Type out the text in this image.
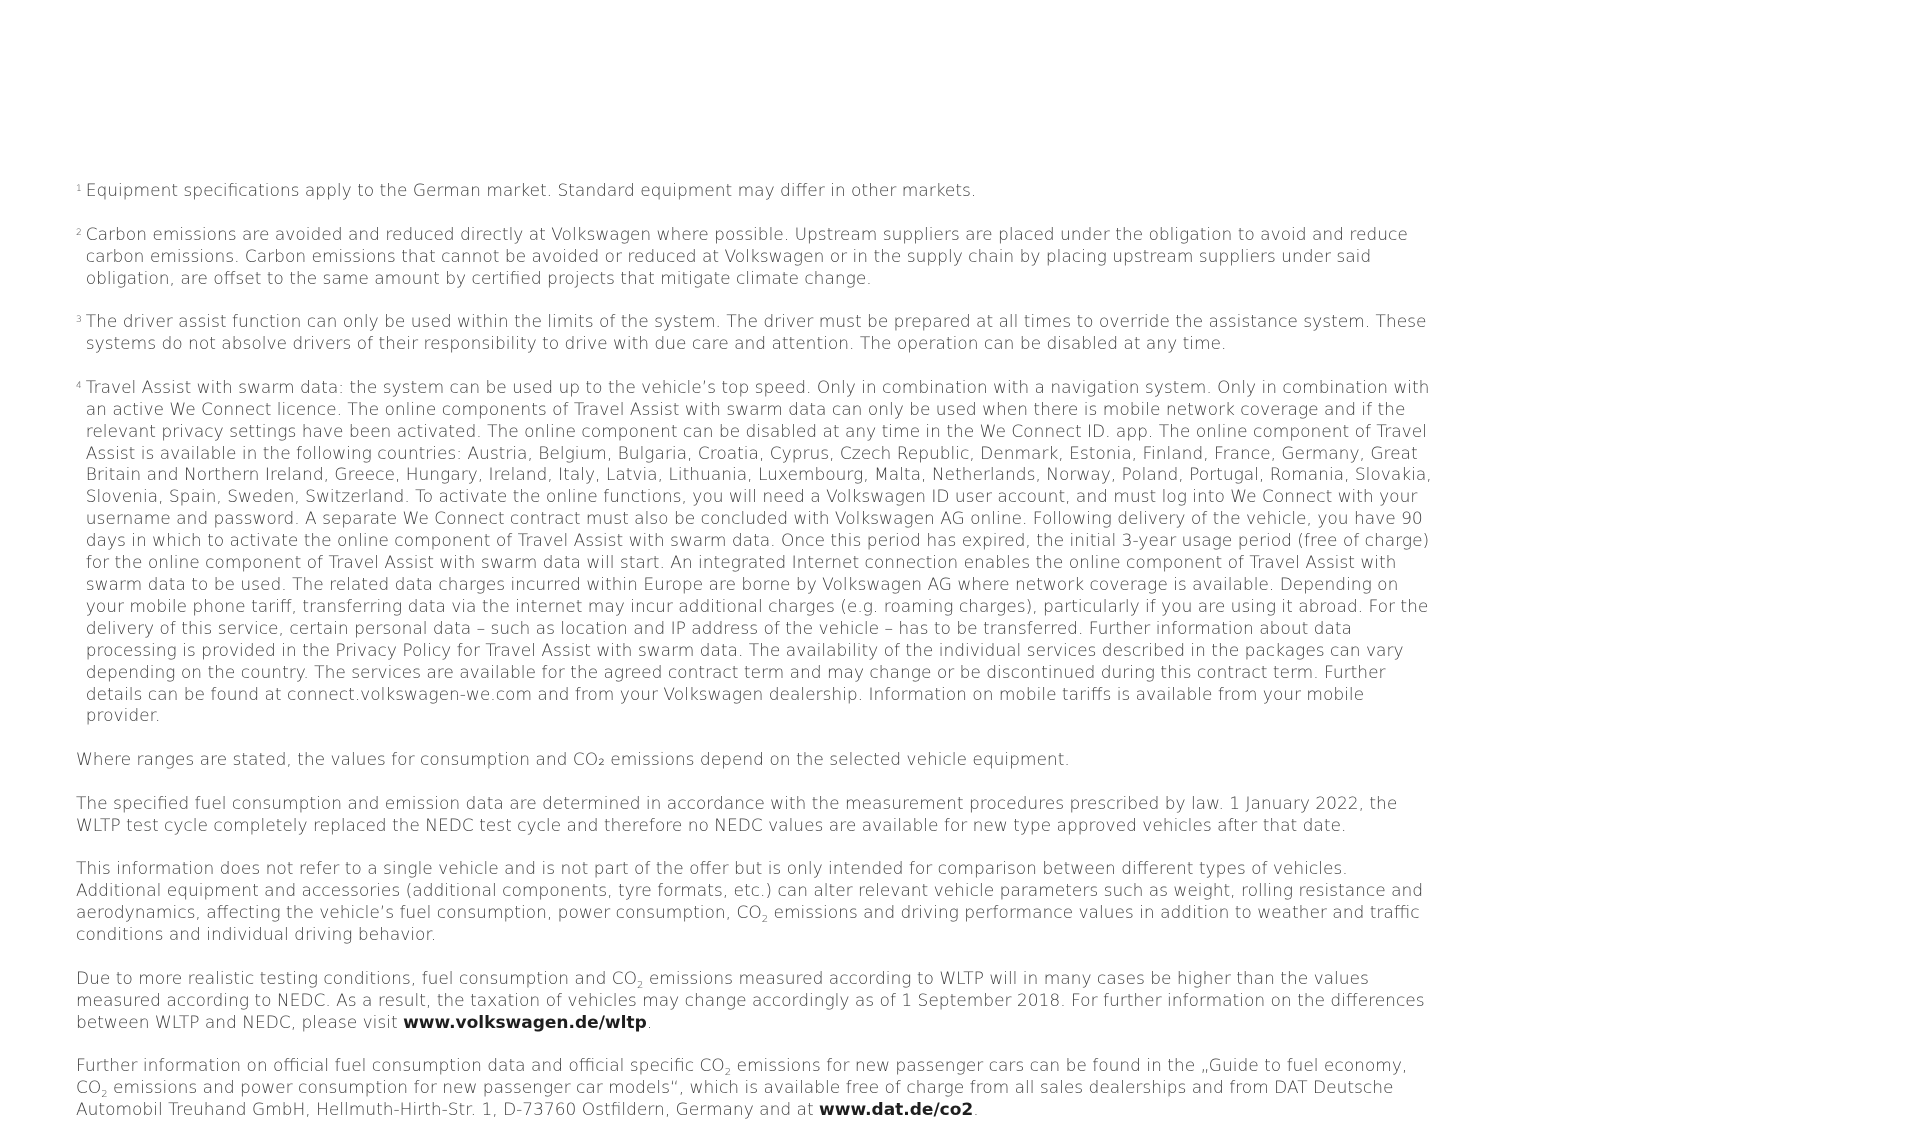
1 Equipment specifications apply to the German market. Standard equipment may differ in other markets.
2 Carbon emissions are avoided and reduced directly at Volkswagen where possible. Upstream suppliers are placed under the obligation to avoid and reduce carbon emissions. Carbon emissions that cannot be avoided or reduced at Volkswagen or in the supply chain by placing upstream suppliers under said obligation, are offset to the same amount by certified projects that mitigate climate change.
3 The driver assist function can only be used within the limits of the system. The driver must be prepared at all times to override the assistance system. These systems do not absolve drivers of their responsibility to drive with due care and attention. The operation can be disabled at any time.
4 Travel Assist with swarm data: the system can be used up to the vehicle’s top speed. Only in combination with a navigation system. Only in combination with an active We Connect licence. The online components of Travel Assist with swarm data can only be used when there is mobile network coverage and if the relevant privacy settings have been activated. The online component can be disabled at any time in the We Connect ID. app. The online component of Travel Assist is available in the following countries: Austria, Belgium, Bulgaria, Croatia, Cyprus, Czech Republic, Denmark, Estonia, Finland, France, Germany, Great Britain and Northern Ireland, Greece, Hungary, Ireland, Italy, Latvia, Lithuania, Luxembourg, Malta, Netherlands, Norway, Poland, Portugal, Romania, Slovakia, Slovenia, Spain, Sweden, Switzerland. To activate the online functions, you will need a Volkswagen ID user account, and must log into We Connect with your username and password. A separate We Connect contract must also be concluded with Volkswagen AG online. Following delivery of the vehicle, you have 90 days in which to activate the online component of Travel Assist with swarm data. Once this period has expired, the initial 3-year usage period (free of charge) for the online component of Travel Assist with swarm data will start. An integrated Internet connection enables the online component of Travel Assist with swarm data to be used. The related data charges incurred within Europe are borne by Volkswagen AG where network coverage is available. Depending on your mobile phone tariff, transferring data via the internet may incur additional charges (e.g. roaming charges), particularly if you are using it abroad. For the delivery of this service, certain personal data – such as location and IP address of the vehicle – has to be transferred. Further information about data processing is provided in the Privacy Policy for Travel Assist with swarm data. The availability of the individual services described in the packages can vary depending on the country. The services are available for the agreed contract term and may change or be discontinued during this contract term. Further details can be found at connect.volkswagen-we.com and from your Volkswagen dealership. Information on mobile tariffs is available from your mobile provider.

Where ranges are stated, the values for consumption and CO₂ emissions depend on the selected vehicle equipment.

The specified fuel consumption and emission data are determined in accordance with the measurement procedures prescribed by law. 1 January 2022, the WLTP test cycle completely replaced the NEDC test cycle and therefore no NEDC values are available for new type approved vehicles after that date.

This information does not refer to a single vehicle and is not part of the offer but is only intended for comparison between different types of vehicles. Additional equipment and accessories (additional components, tyre formats, etc.) can alter relevant vehicle parameters such as weight, rolling resistance and aerodynamics, affecting the vehicle’s fuel consumption, power consumption, $CO_2$ emissions and driving performance values in addition to weather and traffic conditions and individual driving behavior.

Due to more realistic testing conditions, fuel consumption and $CO_2$ emissions measured according to WLTP will in many cases be higher than the values measured according to NEDC. As a result, the taxation of vehicles may change accordingly as of 1 September 2018. For further information on the differences between WLTP and NEDC, please visit www.volkswagen.de/wltp.

Further information on official fuel consumption data and official specific $CO_2$ emissions for new passenger cars can be found in the „Guide to fuel economy, $CO_2$ emissions and power consumption for new passenger car models“, which is available free of charge from all sales dealerships and from DAT Deutsche Automobil Treuhand GmbH, Hellmuth-Hirth-Str. 1, D-73760 Ostfildern, Germany and at www.dat.de/co2.
